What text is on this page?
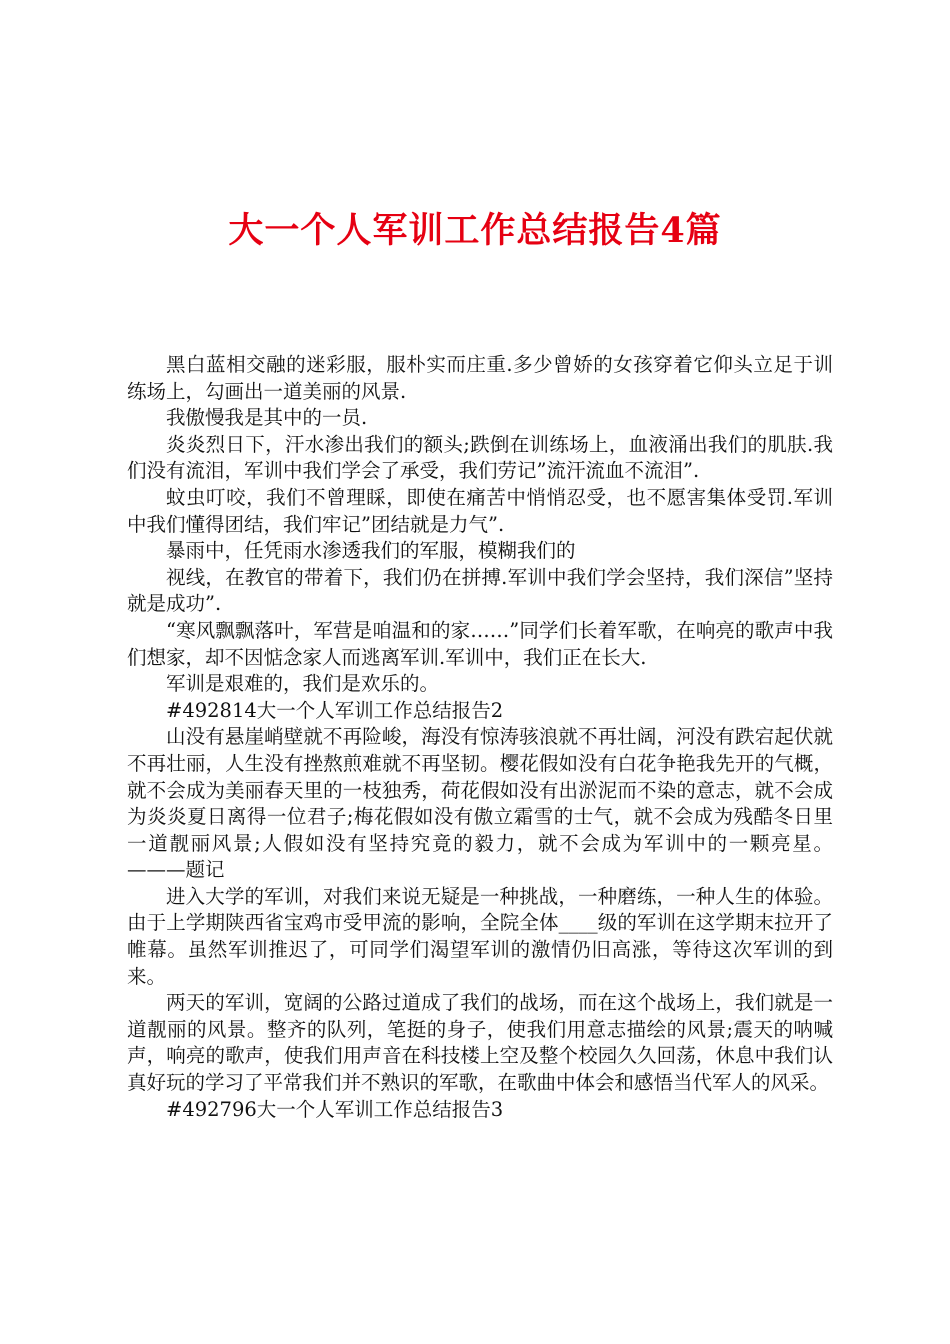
大一个人军训工作总结报告4篇

黑白蓝相交融的迷彩服，服朴实而庄重.多少曾娇的女孩穿着它仰头立足于训练场上，勾画出一道美丽的风景.

我傲慢我是其中的一员.

炎炎烈日下，汗水渗出我们的额头;跌倒在训练场上，血液涌出我们的肌肤.我们没有流泪，军训中我们学会了承受，我们劳记”流汗流血不流泪”.

蚊虫叮咬，我们不曾理睬，即使在痛苦中悄悄忍受，也不愿害集体受罚.军训中我们懂得团结，我们牢记”团结就是力气”.

暴雨中，任凭雨水渗透我们的军服，模糊我们的

视线，在教官的带着下，我们仍在拼搏.军训中我们学会坚持，我们深信”坚持就是成功”.

“寒风飘飘落叶，军营是咱温和的家……”同学们长着军歌，在响亮的歌声中我们想家，却不因惦念家人而逃离军训.军训中，我们正在长大.

军训是艰难的，我们是欢乐的。

#492814大一个人军训工作总结报告2

山没有悬崖峭壁就不再险峻，海没有惊涛骇浪就不再壮阔，河没有跌宕起伏就不再壮丽，人生没有挫熬煎难就不再坚韧。樱花假如没有白花争艳我先开的气概，就不会成为美丽春天里的一枝独秀，荷花假如没有出淤泥而不染的意志，就不会成为炎炎夏日离得一位君子;梅花假如没有傲立霜雪的士气，就不会成为残酷冬日里一道靓丽风景;人假如没有坚持究竟的毅力，就不会成为军训中的一颗亮星。———题记

进入大学的军训，对我们来说无疑是一种挑战，一种磨练，一种人生的体验。由于上学期陕西省宝鸡市受甲流的影响，全院全体____级的军训在这学期末拉开了帷幕。虽然军训推迟了，可同学们渴望军训的激情仍旧高涨，等待这次军训的到来。

两天的军训，宽阔的公路过道成了我们的战场，而在这个战场上，我们就是一道靓丽的风景。整齐的队列，笔挺的身子，使我们用意志描绘的风景;震天的呐喊声，响亮的歌声，使我们用声音在科技楼上空及整个校园久久回荡，休息中我们认真好玩的学习了平常我们并不熟识的军歌，在歌曲中体会和感悟当代军人的风采。

#492796大一个人军训工作总结报告3
